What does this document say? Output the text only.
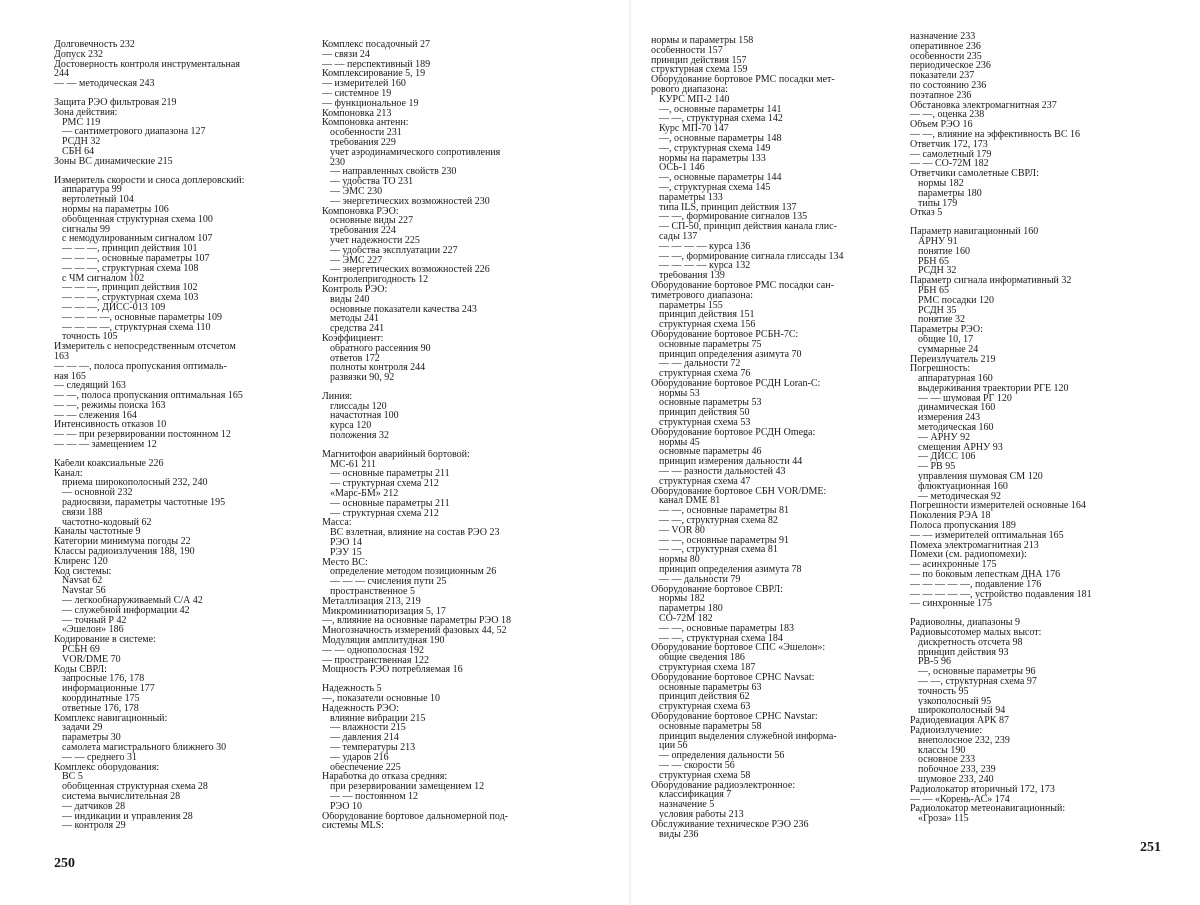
Долговечность 232
Допуск 232
Достоверность контроля инструментальная
244
— — методическая 243
Защита РЭО фильтровая 219
Зона действия:
РМС 119
— сантиметрового диапазона 127
РСДН 32
СБН 64
Зоны ВС динамические 215
Измеритель скорости и сноса доплеровский:
аппаратура 99
вертолетный 104
нормы на параметры 106
обобщенная структурная схема 100
сигналы 99
с немодулированным сигналом 107
— — —, принцип действия 101
— — —, основные параметры 107
— — —, структурная схема 108
с ЧМ сигналом 102
— — —, принцип действия 102
— — —, структурная схема 103
— — —, ДИСС-013 109
— — — —, основные параметры 109
— — — —, структурная схема 110
точность 105
Измеритель с непосредственным отсчетом
163
— — —, полоса пропускания оптималь-
ная 165
— следящий 163
— —, полоса пропускания оптимальная 165
— —, режимы поиска 163
— — слежения 164
Интенсивность отказов 10
— — при резервировании постоянном 12
— — — замещением 12
Кабели коаксиальные 226
Канал:
приема широкополосный 232, 240
— основной 232
радиосвязи, параметры частотные 195
связи 188
частотно-кодовый 62
Каналы частотные 9
Категории минимума погоды 22
Классы радиоизлучения 188, 190
Клиренс 120
Код системы:
Navsat 62
Navstar 56
— легкообнаруживаемый С/А 42
— служебной информации 42
— точный Р 42
«Эшелон» 186
Кодирование в системе:
РСБН 69
VOR/DME 70
Коды СВРЛ:
запросные 176, 178
информационные 177
координатные 175
ответные 176, 178
Комплекс навигационный:
задачи 29
параметры 30
самолета магистрального ближнего 30
— — среднего 31
Комплекс оборудования:
ВС 5
обобщенная структурная схема 28
система вычислительная 28
— датчиков 28
— индикации и управления 28
— контроля 29
Комплекс посадочный 27
— связи 24
— — перспективный 189
Комплексирование 5, 19
— измерителей 160
— системное 19
— функциональное 19
Компоновка 213
Компоновка антенн:
особенности 231
требования 229
учет аэродинамического сопротивления
230
— направленных свойств 230
— удобства ТО 231
— ЭМС 230
— энергетических возможностей 230
Компоновка РЭО:
основные виды 227
требования 224
учет надежности 225
— удобства эксплуатации 227
— ЭМС 227
— энергетических возможностей 226
Контролепригодность 12
Контроль РЭО:
виды 240
основные показатели качества 243
методы 241
средства 241
Коэффициент:
обратного рассеяния 90
ответов 172
полноты контроля 244
развязки 90, 92
Линия:
глиссады 120
начастотная 100
курса 120
положения 32
Магнитофон аварийный бортовой:
МС-61 211
— основные параметры 211
— структурная схема 212
«Марс-БМ» 212
— основные параметры 211
— структурная схема 212
Масса:
ВС взлетная, влияние на состав РЭО 23
РЭО 14
РЭУ 15
Место ВС:
определение методом позиционным 26
— — — счисления пути 25
пространственное 5
Металлизация 213, 219
Микроминиатюризация 5, 17
—, влияние на основные параметры РЭО 18
Многозначность измерений фазовых 44, 52
Модуляция амплитудная 190
— — однополосная 192
— пространственная 122
Мощность РЭО потребляемая 16
Надежность 5
—, показатели основные 10
Надежность РЭО:
влияние вибрации 215
— влажности 215
— давления 214
— температуры 213
— ударов 216
обеспечение 225
Наработка до отказа средняя:
при резервировании замещением 12
— — постоянном 12
РЭО 10
Оборудование бортовое дальномерной под-
системы MLS:
250
нормы и параметры 158
особенности 157
принцип действия 157
структурная схема 159
Оборудование бортовое РМС посадки мет-
рового диапазона:
КУРС МП-2 140
—, основные параметры 141
— —, структурная схема 142
Курс МП-70 147
—, основные параметры 148
—, структурная схема 149
нормы на параметры 133
ОСЬ-1 146
—, основные параметры 144
—, структурная схема 145
параметры 133
типа ILS, принцип действия 137
— —, формирование сигналов 135
— СП-50, принцип действия канала глис-
сады 137
— — — — курса 136
— —, формирование сигнала глиссады 134
— — — — курса 132
требования 139
Оборудование бортовое РМС посадки сан-
тиметрового диапазона:
параметры 155
принцип действия 151
структурная схема 156
Оборудование бортовое РСБН-7С:
основные параметры 75
принцип определения азимута 70
— — дальности 72
структурная схема 76
Оборудование бортовое РСДН Loran-C:
нормы 53
основные параметры 53
принцип действия 50
структурная схема 53
Оборудование бортовое РСДН Omega:
нормы 45
основные параметры 46
принцип измерения дальности 44
— — разности дальностей 43
структурная схема 47
Оборудование бортовое СБН VOR/DME:
канал DME 81
— —, основные параметры 81
— —, структурная схема 82
— VOR 80
— —, основные параметры 91
— —, структурная схема 81
нормы 80
принцип определения азимута 78
— — дальности 79
Оборудование бортовое СВРЛ:
нормы 182
параметры 180
СО-72М 182
— —, основные параметры 183
— —, структурная схема 184
Оборудование бортовое СПС «Эшелон»:
общие сведения 186
структурная схема 187
Оборудование бортовое СРНС Navsat:
основные параметры 63
принцип действия 62
структурная схема 63
Оборудование бортовое СРНС Navstar:
основные параметры 58
принцип выделения служебной информа-
ции 56
— определения дальности 56
— — скорости 56
структурная схема 58
Оборудование радиоэлектронное:
классификация 7
назначение 5
условия работы 213
Обслуживание техническое РЭО 236
виды 236
назначение 233
оперативное 236
особенности 235
периодическое 236
показатели 237
по состоянию 236
поэтапное 236
Обстановка электромагнитная 237
— —, оценка 238
Объем РЭО 16
— —, влияние на эффективность ВС 16
Ответчик 172, 173
— самолетный 179
— — СО-72М 182
Ответчики самолетные СВРЛ:
нормы 182
параметры 180
типы 179
Отказ 5
Параметр навигационный 160
АРНУ 91
понятие 160
РБН 65
РСДН 32
Параметр сигнала информативный 32
РБН 65
РМС посадки 120
РСДН 35
понятие 32
Параметры РЭО:
общие 10, 17
суммарные 24
Переизлучатель 219
Погрешность:
аппаратурная 160
выдерживания траектории РГЕ 120
— — шумовая РГ 120
динамическая 160
измерения 243
методическая 160
— АРНУ 92
смещения АРНУ 93
— ДИСС 106
— РВ 95
управления шумовая СМ 120
флюктуационная 160
— методическая 92
Погрешности измерителей основные 164
Поколения РЭА 18
Полоса пропускания 189
— — измерителей оптимальная 165
Помеха электромагнитная 213
Помехи (см. радиопомехи):
— асинхронные 175
— по боковым лепесткам ДНА 176
— — — — —, подавление 176
— — — — —, устройство подавления 181
— синхронные 175
Радиоволны, диапазоны 9
Радиовысотомер малых высот:
дискретность отсчета 98
принцип действия 93
РВ-5 96
—, основные параметры 96
— —, структурная схема 97
точность 95
узкополосный 95
широкополосный 94
Радиодевиация АРК 87
Радиоизлучение:
внеполосное 232, 239
классы 190
основное 233
побочное 233, 239
шумовое 233, 240
Радиолокатор вторичный 172, 173
— — «Корень-АС» 174
Радиолокатор метеонавигационный:
«Гроза» 115
251
